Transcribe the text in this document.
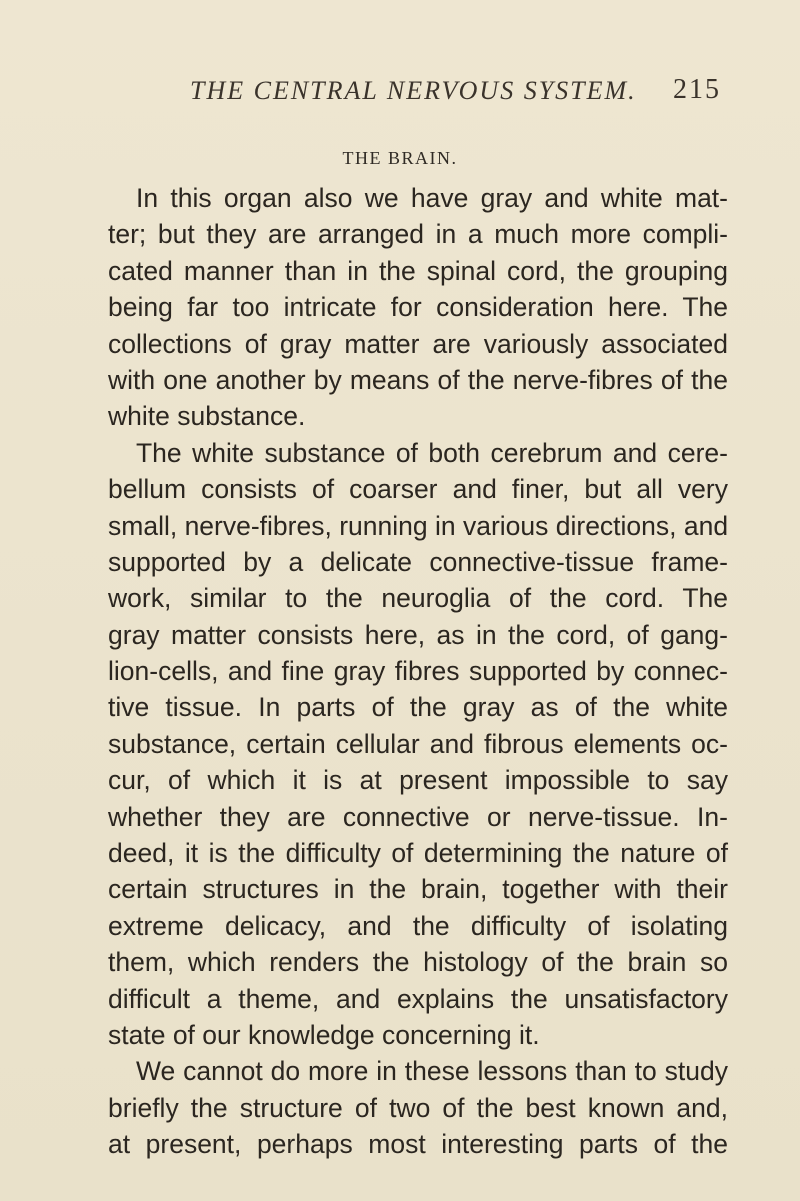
THE CENTRAL NERVOUS SYSTEM. 215
THE BRAIN.
In this organ also we have gray and white mat-
ter; but they are arranged in a much more compli-
cated manner than in the spinal cord, the grouping
being far too intricate for consideration here. The
collections of gray matter are variously associated
with one another by means of the nerve-fibres of the
white substance.
The white substance of both cerebrum and cere-
bellum consists of coarser and finer, but all very
small, nerve-fibres, running in various directions, and
supported by a delicate connective-tissue frame-
work, similar to the neuroglia of the cord. The
gray matter consists here, as in the cord, of gang-
lion-cells, and fine gray fibres supported by connec-
tive tissue. In parts of the gray as of the white
substance, certain cellular and fibrous elements oc-
cur, of which it is at present impossible to say
whether they are connective or nerve-tissue. In-
deed, it is the difficulty of determining the nature of
certain structures in the brain, together with their
extreme delicacy, and the difficulty of isolating
them, which renders the histology of the brain so
difficult a theme, and explains the unsatisfactory
state of our knowledge concerning it.
We cannot do more in these lessons than to study
briefly the structure of two of the best known and,
at present, perhaps most interesting parts of the
